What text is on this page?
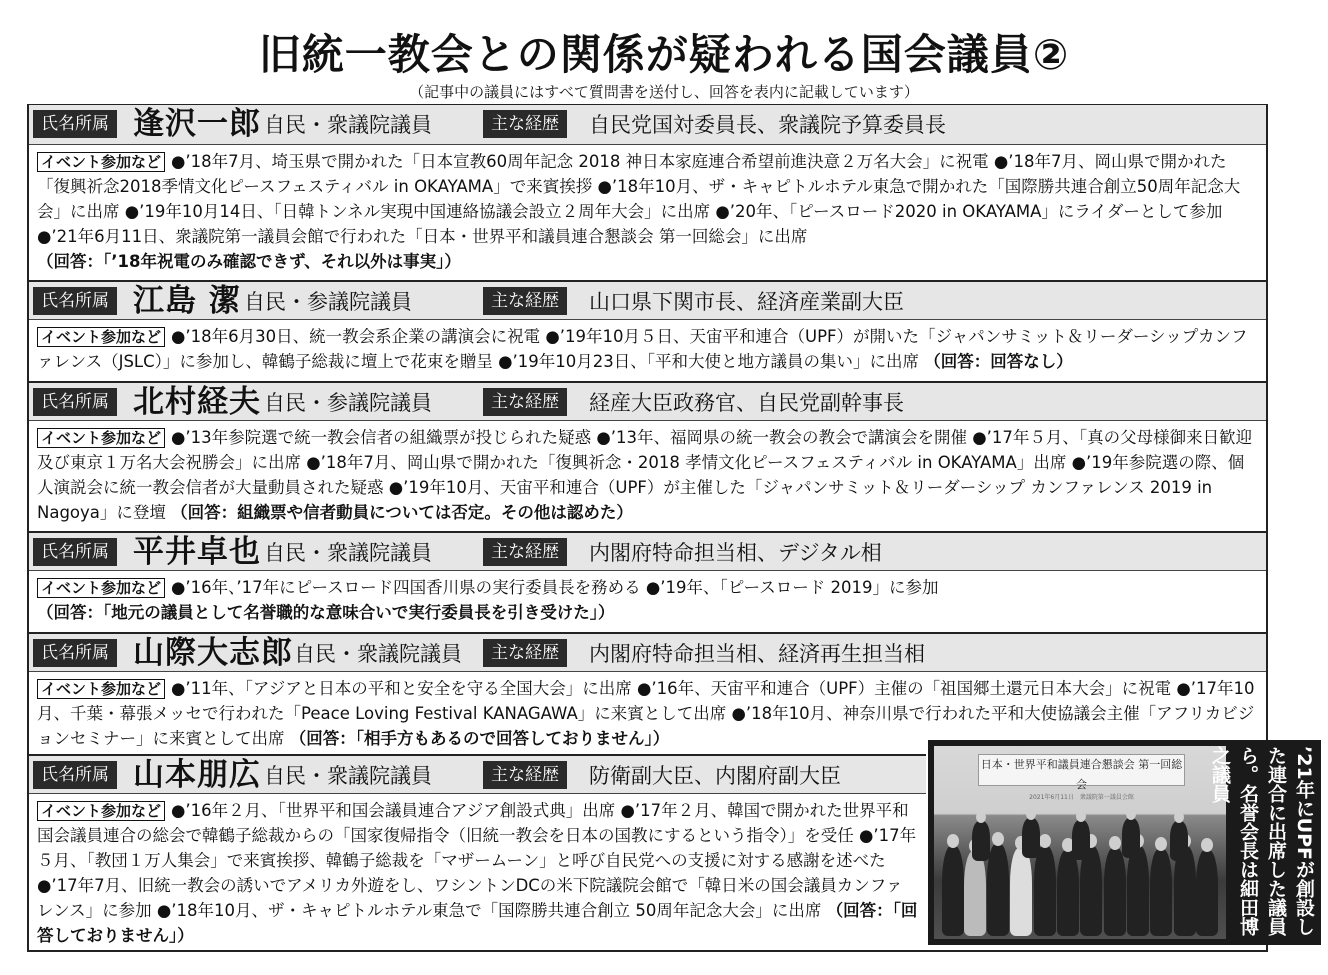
旧統一教会との関係が疑われる国会議員②
（記事中の議員にはすべて質問書を送付し、回答を表内に記載しています）
氏名所属 逢沢一郎 自民・衆議院議員	主な経歴	自民党国対委員長、衆議院予算委員長
イベント参加など ●’18年7月、埼玉県で開かれた「日本宣教60周年記念 2018 神日本家庭連合希望前進決意２万名大会」に祝電 ●’18年7月、岡山県で開かれた「復興祈念2018季情文化ピースフェスティバル in OKAYAMA」で来賓挨拶 ●’18年10月、ザ・キャピトルホテル東急で開かれた「国際勝共連合創立50周年記念大会」に出席 ●’19年10月14日、「日韓トンネル実現中国連絡協議会設立２周年大会」に出席 ●’20年、「ピースロード2020 in OKAYAMA」にライダーとして参加 ●’21年6月11日、衆議院第一議員会館で行われた「日本・世界平和議員連合懇談会 第一回総会」に出席
（回答：「’18年祝電のみ確認できず、それ以外は事実」）
氏名所属 江島 潔 自民・参議院議員	主な経歴	山口県下関市長、経済産業副大臣
イベント参加など ●’18年6月30日、統一教会系企業の講演会に祝電 ●’19年10月５日、天宙平和連合（UPF）が開いた「ジャパンサミット＆リーダーシップカンファレンス（JSLC）」に参加し、韓鶴子総裁に壇上で花束を贈呈 ●’19年10月23日、「平和大使と地方議員の集い」に出席 （回答：回答なし）
氏名所属 北村経夫 自民・参議院議員	主な経歴	経産大臣政務官、自民党副幹事長
イベント参加など ●’13年参院選で統一教会信者の組織票が投じられた疑惑 ●’13年、福岡県の統一教会の教会で講演会を開催 ●’17年５月、「真の父母様御来日歓迎及び東京１万名大会祝勝会」に出席 ●’18年7月、岡山県で開かれた「復興祈念・2018 孝情文化ピースフェスティバル in OKAYAMA」出席 ●’19年参院選の際、個人演説会に統一教会信者が大量動員された疑惑 ●’19年10月、天宙平和連合（UPF）が主催した「ジャパンサミット＆リーダーシップ カンファレンス 2019 in Nagoya」に登壇 （回答：組織票や信者動員については否定。その他は認めた）
氏名所属 平井卓也 自民・衆議院議員	主な経歴	内閣府特命担当相、デジタル相
イベント参加など ●’16年、’17年にピースロード四国香川県の実行委員長を務める ●’19年、「ピースロード 2019」に参加
（回答：「地元の議員として名誉職的な意味合いで実行委員長を引き受けた」）
氏名所属 山際大志郎 自民・衆議院議員	主な経歴	内閣府特命担当相、経済再生担当相
イベント参加など ●’11年、「アジアと日本の平和と安全を守る全国大会」に出席 ●’16年、天宙平和連合（UPF）主催の「祖国郷土還元日本大会」に祝電 ●’17年10月、千葉・幕張メッセで行われた「Peace Loving Festival KANAGAWA」に来賓として出席 ●’18年10月、神奈川県で行われた平和大使協議会主催「アフリカビジョンセミナー」に来賓として出席 （回答：「相手方もあるので回答しておりません」）
氏名所属 山本朋広 自民・衆議院議員	主な経歴	防衛副大臣、内閣府副大臣
イベント参加など ●’16年２月、「世界平和国会議員連合アジア創設式典」出席 ●’17年２月、韓国で開かれた世界平和国会議員連合の総会で韓鶴子総裁からの「国家復帰指令（旧統一教会を日本の国教にするという指令）」を受任 ●’17年５月、「教団１万人集会」で来賓挨拶、韓鶴子総裁を「マザームーン」と呼び自民党への支援に対する感謝を述べた ●’17年7月、旧統一教会の誘いでアメリカ外遊をし、ワシントンDCの米下院議院会館で「韓日米の国会議員カンファレンス」に参加 ●’18年10月、ザ・キャピトルホテル東急で「国際勝共連合創立 50周年記念大会」に出席 （回答：「回答しておりません」）
日本・世界平和議員連合懇談会 第一回総会
2021年6月11日　衆議院第一議員会館	’21年にUPFが創設した連合に出席した議員ら。名誉会長は細田博之議員
